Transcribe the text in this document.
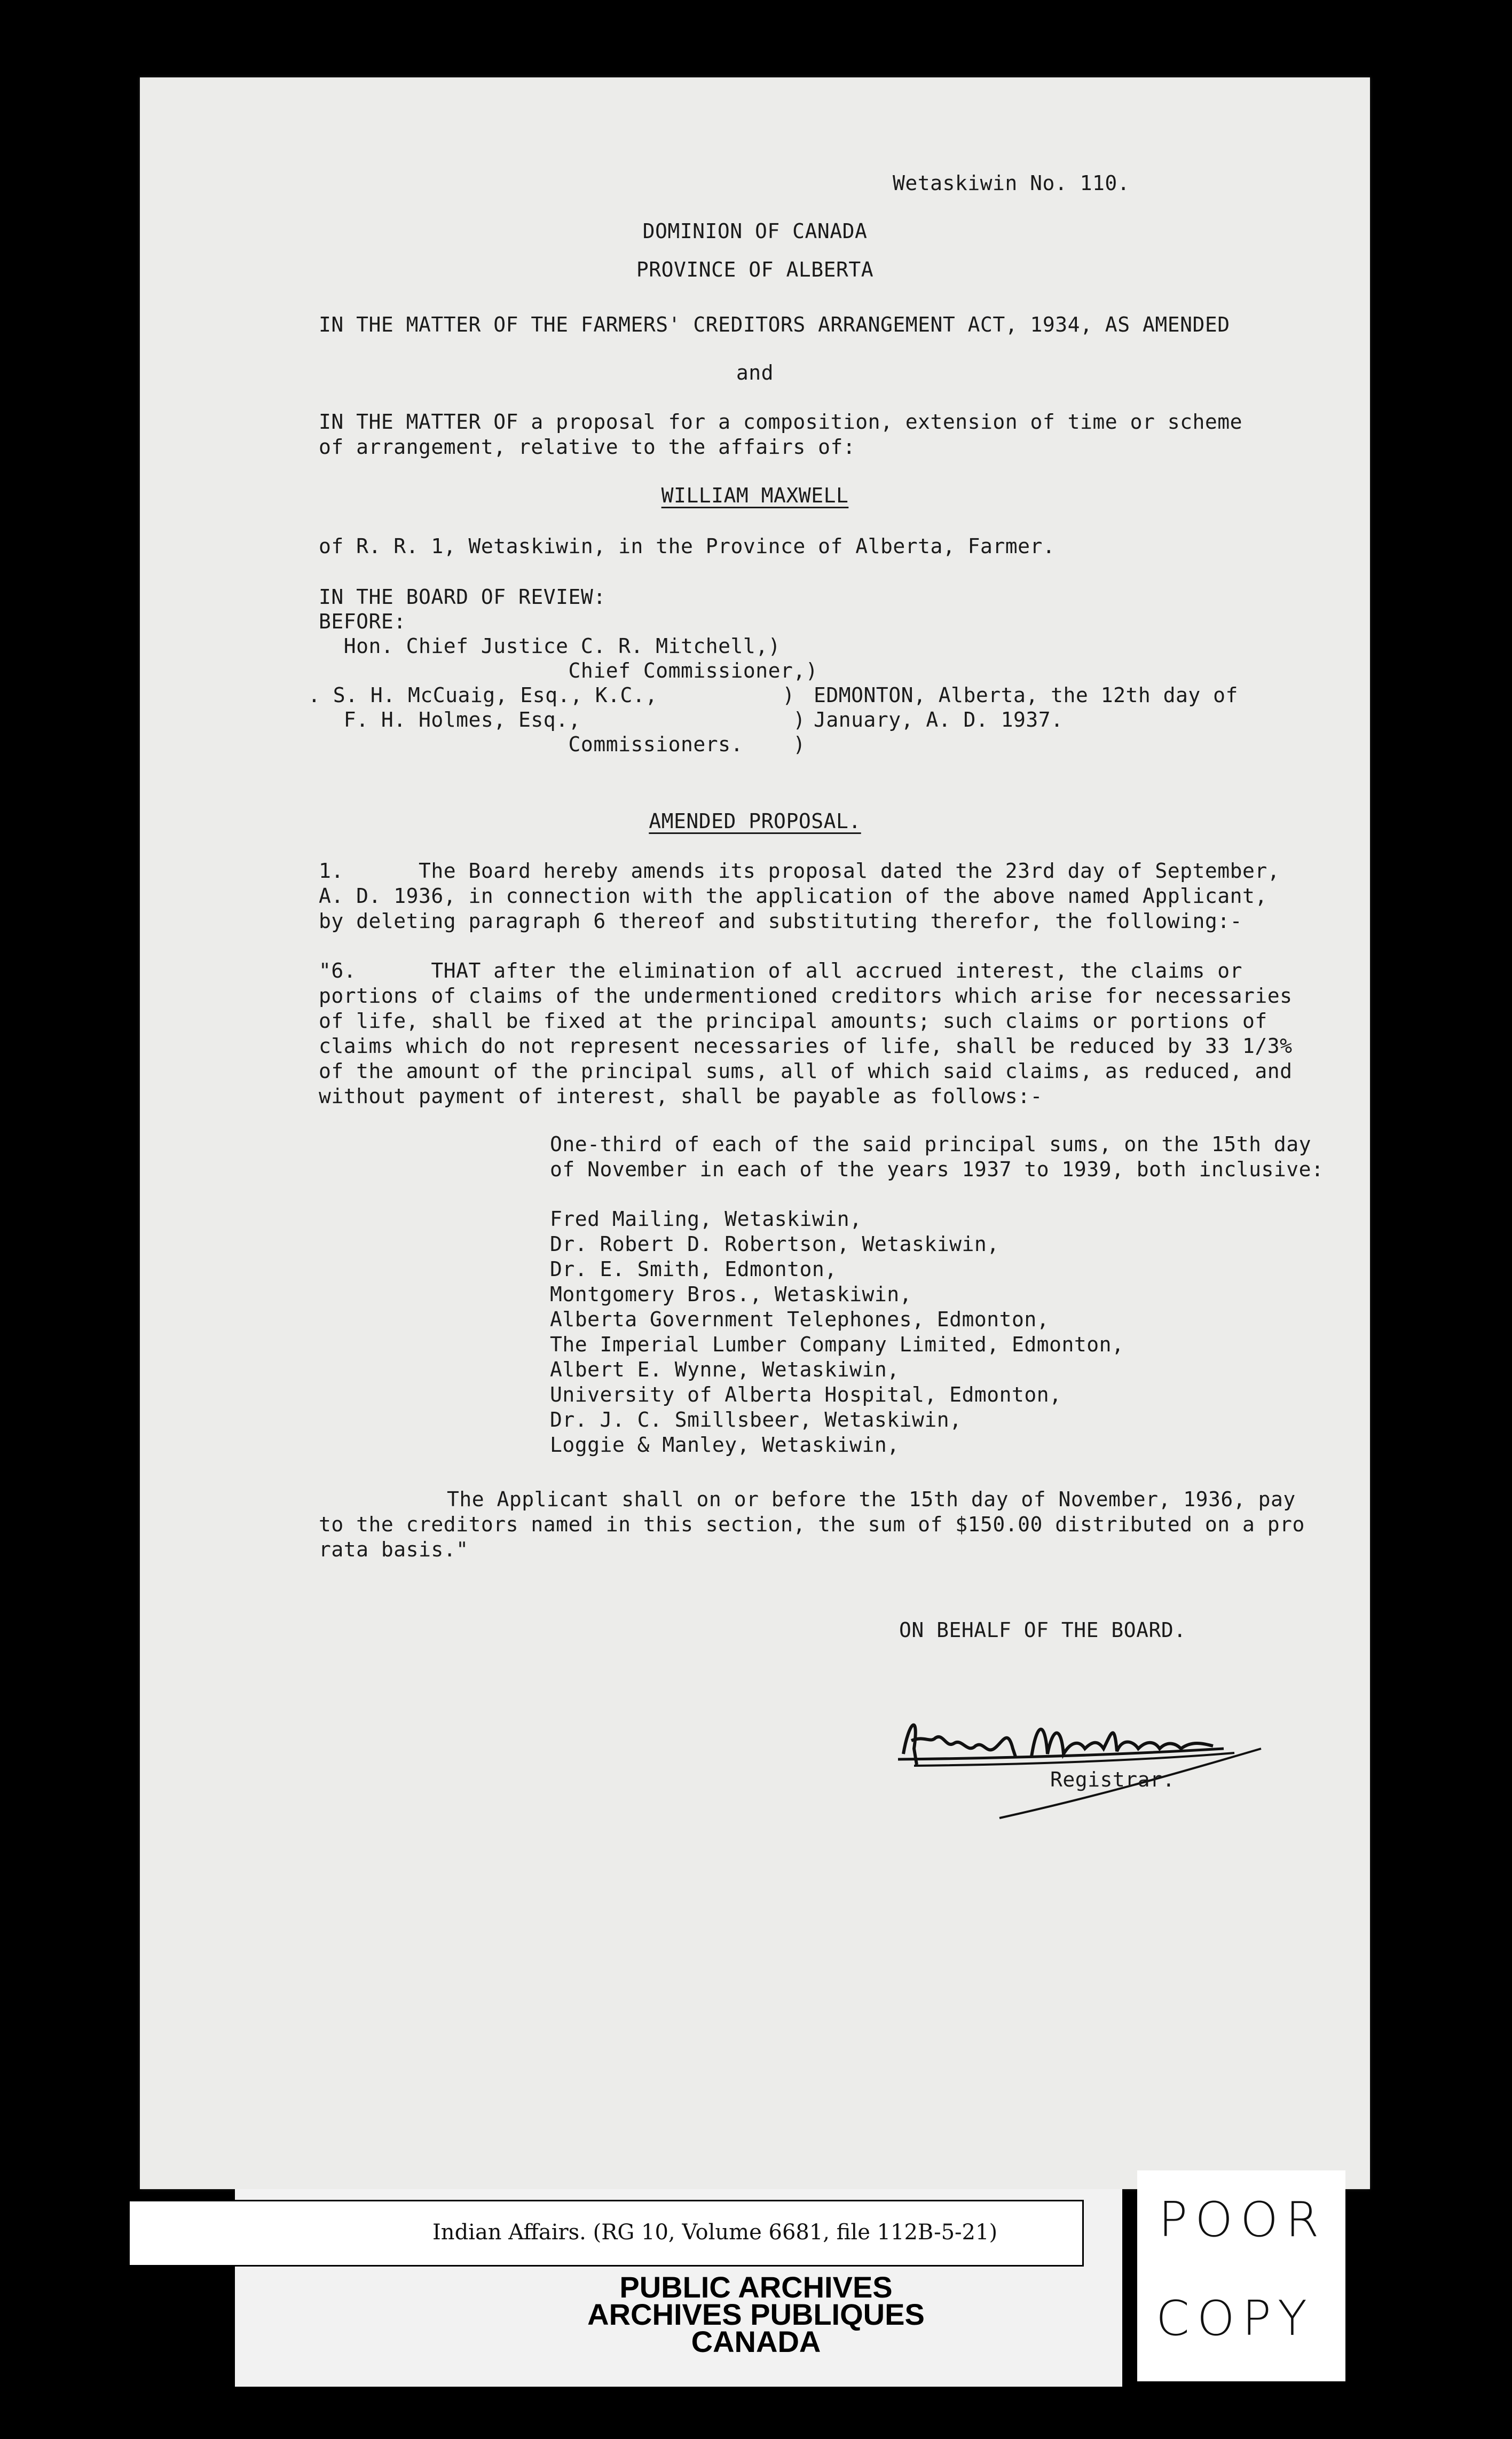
Wetaskiwin No. 110.
DOMINION OF CANADA
PROVINCE OF ALBERTA
IN THE MATTER OF THE FARMERS' CREDITORS ARRANGEMENT ACT, 1934, AS AMENDED
and
IN THE MATTER OF a proposal for a composition, extension of time or scheme
of arrangement, relative to the affairs of:
WILLIAM MAXWELL
of R. R. 1, Wetaskiwin, in the Province of Alberta, Farmer.
IN THE BOARD OF REVIEW:
BEFORE:
Hon. Chief Justice C. R. Mitchell,)
Chief Commissioner,)
. S. H. McCuaig, Esq., K.C.,          )
F. H. Holmes, Esq.,                 )
Commissioners.    )
EDMONTON, Alberta, the 12th day of
January, A. D. 1937.
AMENDED PROPOSAL.
1.      The Board hereby amends its proposal dated the 23rd day of September,
A. D. 1936, in connection with the application of the above named Applicant,
by deleting paragraph 6 thereof and substituting therefor, the following:-
"6.      THAT after the elimination of all accrued interest, the claims or
portions of claims of the undermentioned creditors which arise for necessaries
of life, shall be fixed at the principal amounts; such claims or portions of
claims which do not represent necessaries of life, shall be reduced by 33 1/3%
of the amount of the principal sums, all of which said claims, as reduced, and
without payment of interest, shall be payable as follows:-
One-third of each of the said principal sums, on the 15th day
of November in each of the years 1937 to 1939, both inclusive:
Fred Mailing, Wetaskiwin,
Dr. Robert D. Robertson, Wetaskiwin,
Dr. E. Smith, Edmonton,
Montgomery Bros., Wetaskiwin,
Alberta Government Telephones, Edmonton,
The Imperial Lumber Company Limited, Edmonton,
Albert E. Wynne, Wetaskiwin,
University of Alberta Hospital, Edmonton,
Dr. J. C. Smillsbeer, Wetaskiwin,
Loggie & Manley, Wetaskiwin,
The Applicant shall on or before the 15th day of November, 1936, pay
to the creditors named in this section, the sum of $150.00 distributed on a pro
rata basis."
ON BEHALF OF THE BOARD.
Registrar.
Indian Affairs. (RG 10, Volume 6681, file 112B-5-21)
PUBLIC ARCHIVES
ARCHIVES PUBLIQUES
CANADA
POOR
COPY
